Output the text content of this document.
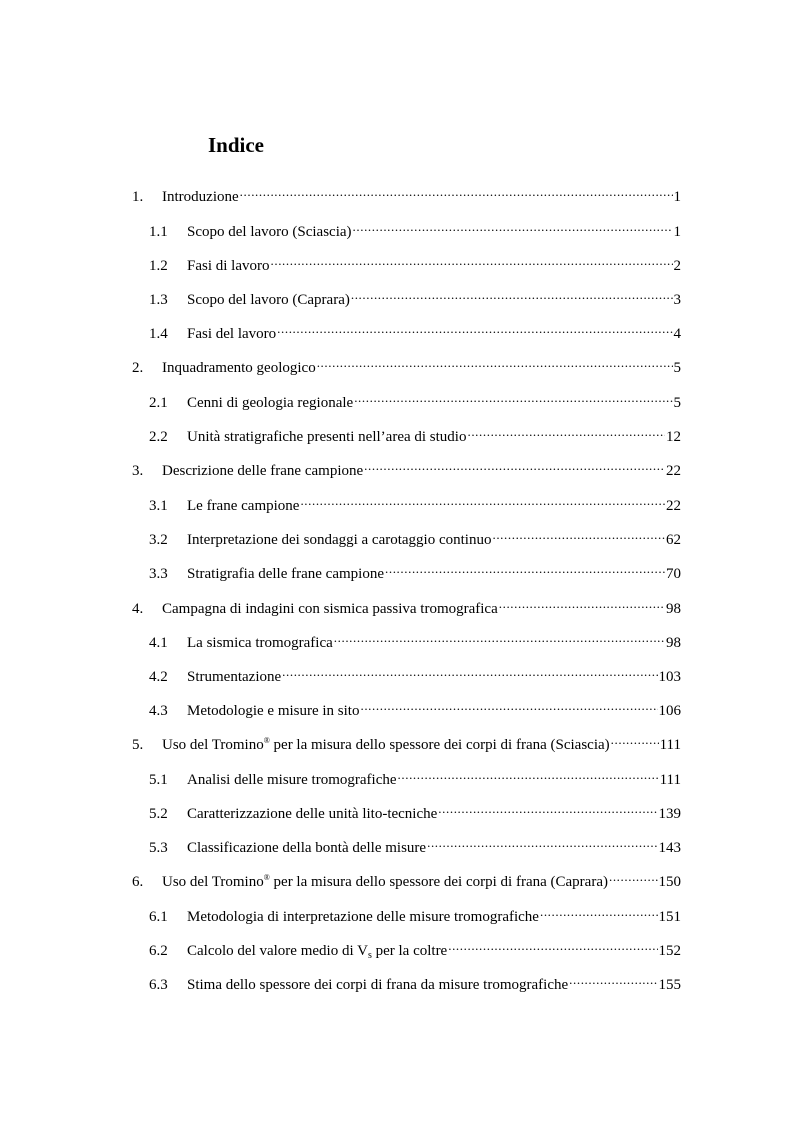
Indice
1.	Introduzione .....	1
1.1	Scopo del lavoro (Sciascia) .....	1
1.2	Fasi di lavoro .....	2
1.3	Scopo del lavoro (Caprara) .....	3
1.4	Fasi del lavoro .....	4
2.	Inquadramento geologico .....	5
2.1	Cenni di geologia regionale .....	5
2.2	Unità stratigrafiche presenti nell’area di studio .....	12
3.	Descrizione delle frane campione .....	22
3.1	Le frane campione .....	22
3.2	Interpretazione dei sondaggi a carotaggio continuo .....	62
3.3	Stratigrafia delle frane campione .....	70
4.	Campagna di indagini con sismica passiva tromografica .....	98
4.1	La sismica tromografica .....	98
4.2	Strumentazione .....	103
4.3	Metodologie e misure in sito .....	106
5.	Uso del Tromino® per la misura dello spessore dei corpi di frana (Sciascia) .....	111
5.1	Analisi delle misure tromografiche .....	111
5.2	Caratterizzazione delle unità lito-tecniche .....	139
5.3	Classificazione della bontà delle misure .....	143
6.	Uso del Tromino® per la misura dello spessore dei corpi di frana (Caprara) .....	150
6.1	Metodologia di interpretazione delle misure tromografiche .....	151
6.2	Calcolo del valore medio di $V_s$ per la coltre .....	152
6.3	Stima dello spessore dei corpi di frana da misure tromografiche .....	155
